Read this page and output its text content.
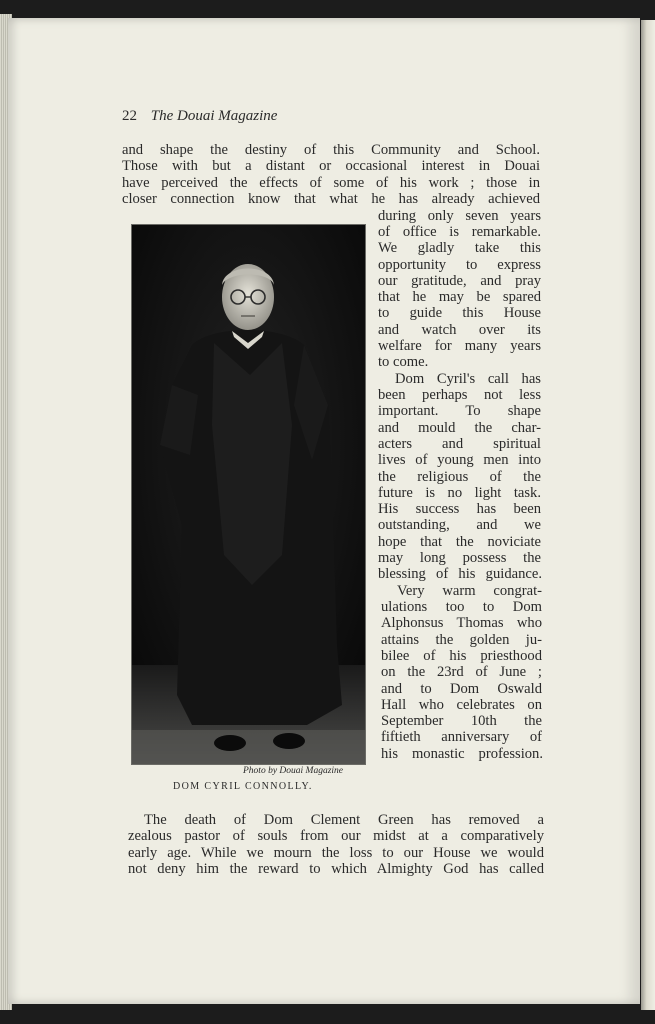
22 The Douai Magazine
and shape the destiny of this Community and School.
Those with but a distant or occasional interest in Douai
have perceived the effects of some of his work ; those in
closer connection know that what he has already achieved
during only seven years
of office is remarkable.
We gladly take this
opportunity to express
our gratitude, and pray
that he may be spared
to guide this House
and watch over its
welfare for many years
to come.
Dom Cyril's call has
been perhaps not less
important. To shape
and mould the char-
acters and spiritual
lives of young men into
the religious of the
future is no light task.
His success has been
outstanding, and we
hope that the noviciate
may long possess the
blessing of his guidance.
Very warm congrat-
ulations too to Dom
Alphonsus Thomas who
attains the golden ju-
bilee of his priesthood
on the 23rd of June ;
and to Dom Oswald
Hall who celebrates on
September 10th the
fiftieth anniversary of
his monastic profession.
Photo by Douai Magazine
DOM CYRIL CONNOLLY.
The death of Dom Clement Green has removed a
zealous pastor of souls from our midst at a comparatively
early age. While we mourn the loss to our House we would
not deny him the reward to which Almighty God has called
